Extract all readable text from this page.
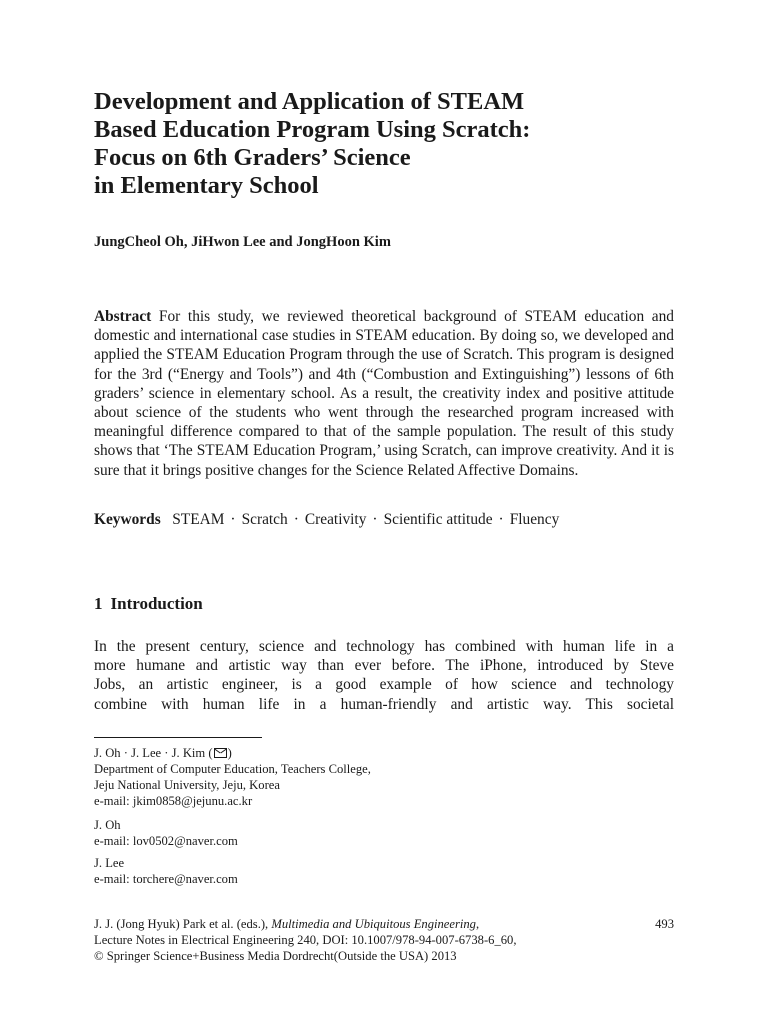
Development and Application of STEAM
Based Education Program Using Scratch:
Focus on 6th Graders’ Science
in Elementary School
JungCheol Oh, JiHwon Lee and JongHoon Kim
Abstract For this study, we reviewed theoretical background of STEAM education and domestic and international case studies in STEAM education. By doing so, we developed and applied the STEAM Education Program through the use of Scratch. This program is designed for the 3rd (“Energy and Tools”) and 4th (“Combustion and Extinguishing”) lessons of 6th graders’ science in elementary school. As a result, the creativity index and positive attitude about science of the students who went through the researched program increased with meaningful difference compared to that of the sample population. The result of this study shows that ‘The STEAM Education Program,’ using Scratch, can improve creativity. And it is sure that it brings positive changes for the Science Related Affective Domains.
Keywords STEAM · Scratch · Creativity · Scientific attitude · Fluency
1 Introduction
In the present century, science and technology has combined with human life in a
more humane and artistic way than ever before. The iPhone, introduced by Steve
Jobs, an artistic engineer, is a good example of how science and technology
combine with human life in a human-friendly and artistic way. This societal
J. Oh · J. Lee · J. Kim ( )
Department of Computer Education, Teachers College,
Jeju National University, Jeju, Korea
e-mail: jkim0858@jejunu.ac.kr
J. Oh
e-mail: lov0502@naver.com
J. Lee
e-mail: torchere@naver.com
J. J. (Jong Hyuk) Park et al. (eds.), Multimedia and Ubiquitous Engineering,
Lecture Notes in Electrical Engineering 240, DOI: 10.1007/978-94-007-6738-6_60,
© Springer Science+Business Media Dordrecht(Outside the USA) 2013
493
